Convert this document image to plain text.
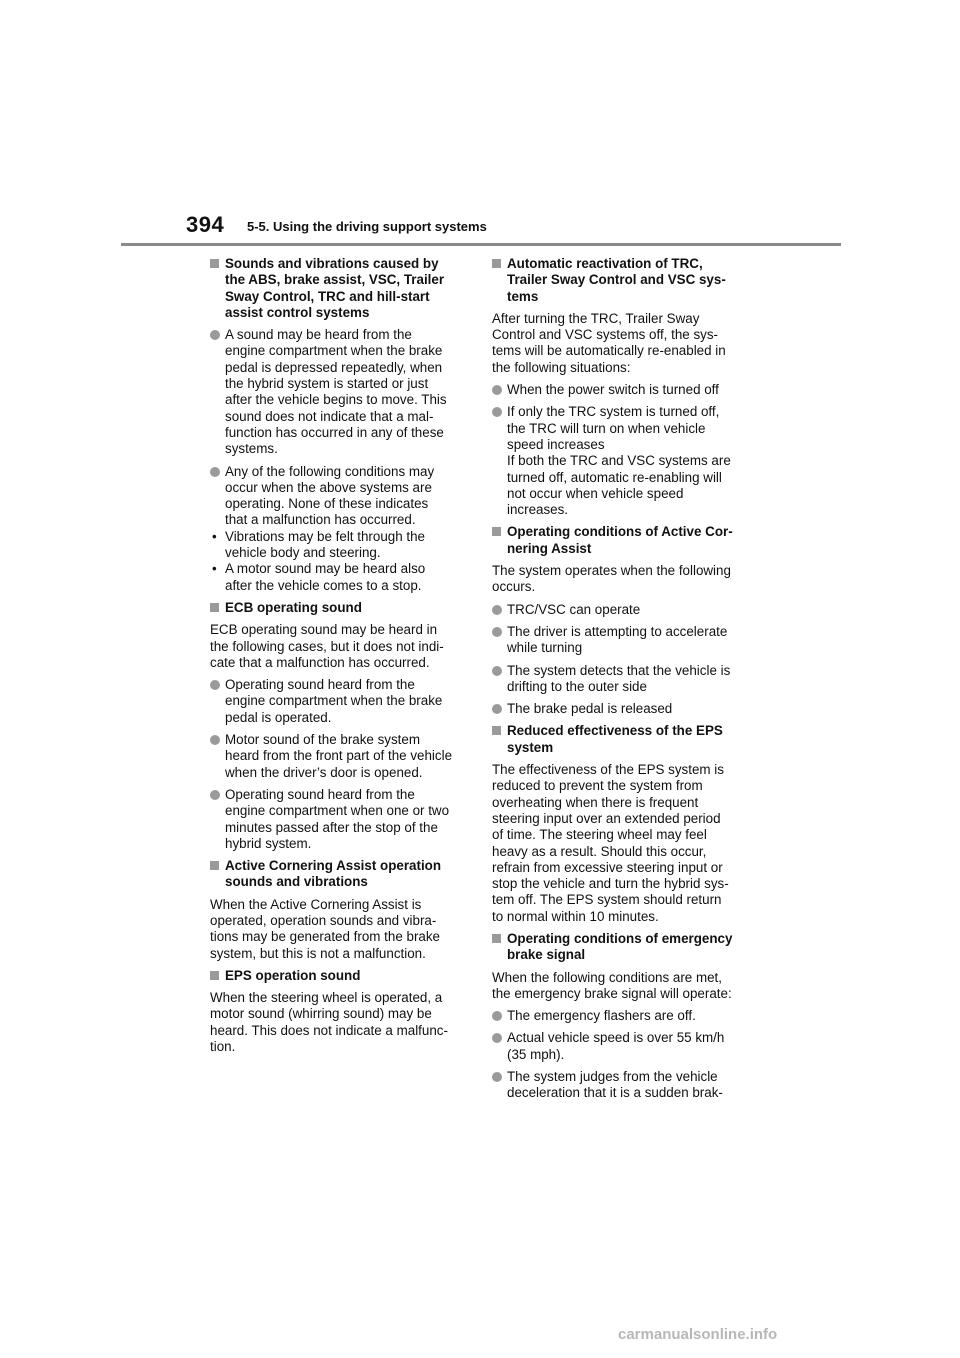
394 5-5. Using the driving support systems
Sounds and vibrations caused by
the ABS, brake assist, VSC, Trailer
Sway Control, TRC and hill-start
assist control systems
A sound may be heard from the
engine compartment when the brake
pedal is depressed repeatedly, when
the hybrid system is started or just
after the vehicle begins to move. This
sound does not indicate that a mal-
function has occurred in any of these
systems.
Any of the following conditions may
occur when the above systems are
operating. None of these indicates
that a malfunction has occurred.
• Vibrations may be felt through the
vehicle body and steering.
• A motor sound may be heard also
after the vehicle comes to a stop.
ECB operating sound
ECB operating sound may be heard in
the following cases, but it does not indi-
cate that a malfunction has occurred.
Operating sound heard from the
engine compartment when the brake
pedal is operated.
Motor sound of the brake system
heard from the front part of the vehicle
when the driver’s door is opened.
Operating sound heard from the
engine compartment when one or two
minutes passed after the stop of the
hybrid system.
Active Cornering Assist operation
sounds and vibrations
When the Active Cornering Assist is
operated, operation sounds and vibra-
tions may be generated from the brake
system, but this is not a malfunction.
EPS operation sound
When the steering wheel is operated, a
motor sound (whirring sound) may be
heard. This does not indicate a malfunc-
tion.
Automatic reactivation of TRC,
Trailer Sway Control and VSC sys-
tems
After turning the TRC, Trailer Sway
Control and VSC systems off, the sys-
tems will be automatically re-enabled in
the following situations:
When the power switch is turned off
If only the TRC system is turned off,
the TRC will turn on when vehicle
speed increases
If both the TRC and VSC systems are
turned off, automatic re-enabling will
not occur when vehicle speed
increases.
Operating conditions of Active Cor-
nering Assist
The system operates when the following
occurs.
TRC/VSC can operate
The driver is attempting to accelerate
while turning
The system detects that the vehicle is
drifting to the outer side
The brake pedal is released
Reduced effectiveness of the EPS
system
The effectiveness of the EPS system is
reduced to prevent the system from
overheating when there is frequent
steering input over an extended period
of time. The steering wheel may feel
heavy as a result. Should this occur,
refrain from excessive steering input or
stop the vehicle and turn the hybrid sys-
tem off. The EPS system should return
to normal within 10 minutes.
Operating conditions of emergency
brake signal
When the following conditions are met,
the emergency brake signal will operate:
The emergency flashers are off.
Actual vehicle speed is over 55 km/h
(35 mph).
The system judges from the vehicle
deceleration that it is a sudden brak-
carmanualsonline.info
